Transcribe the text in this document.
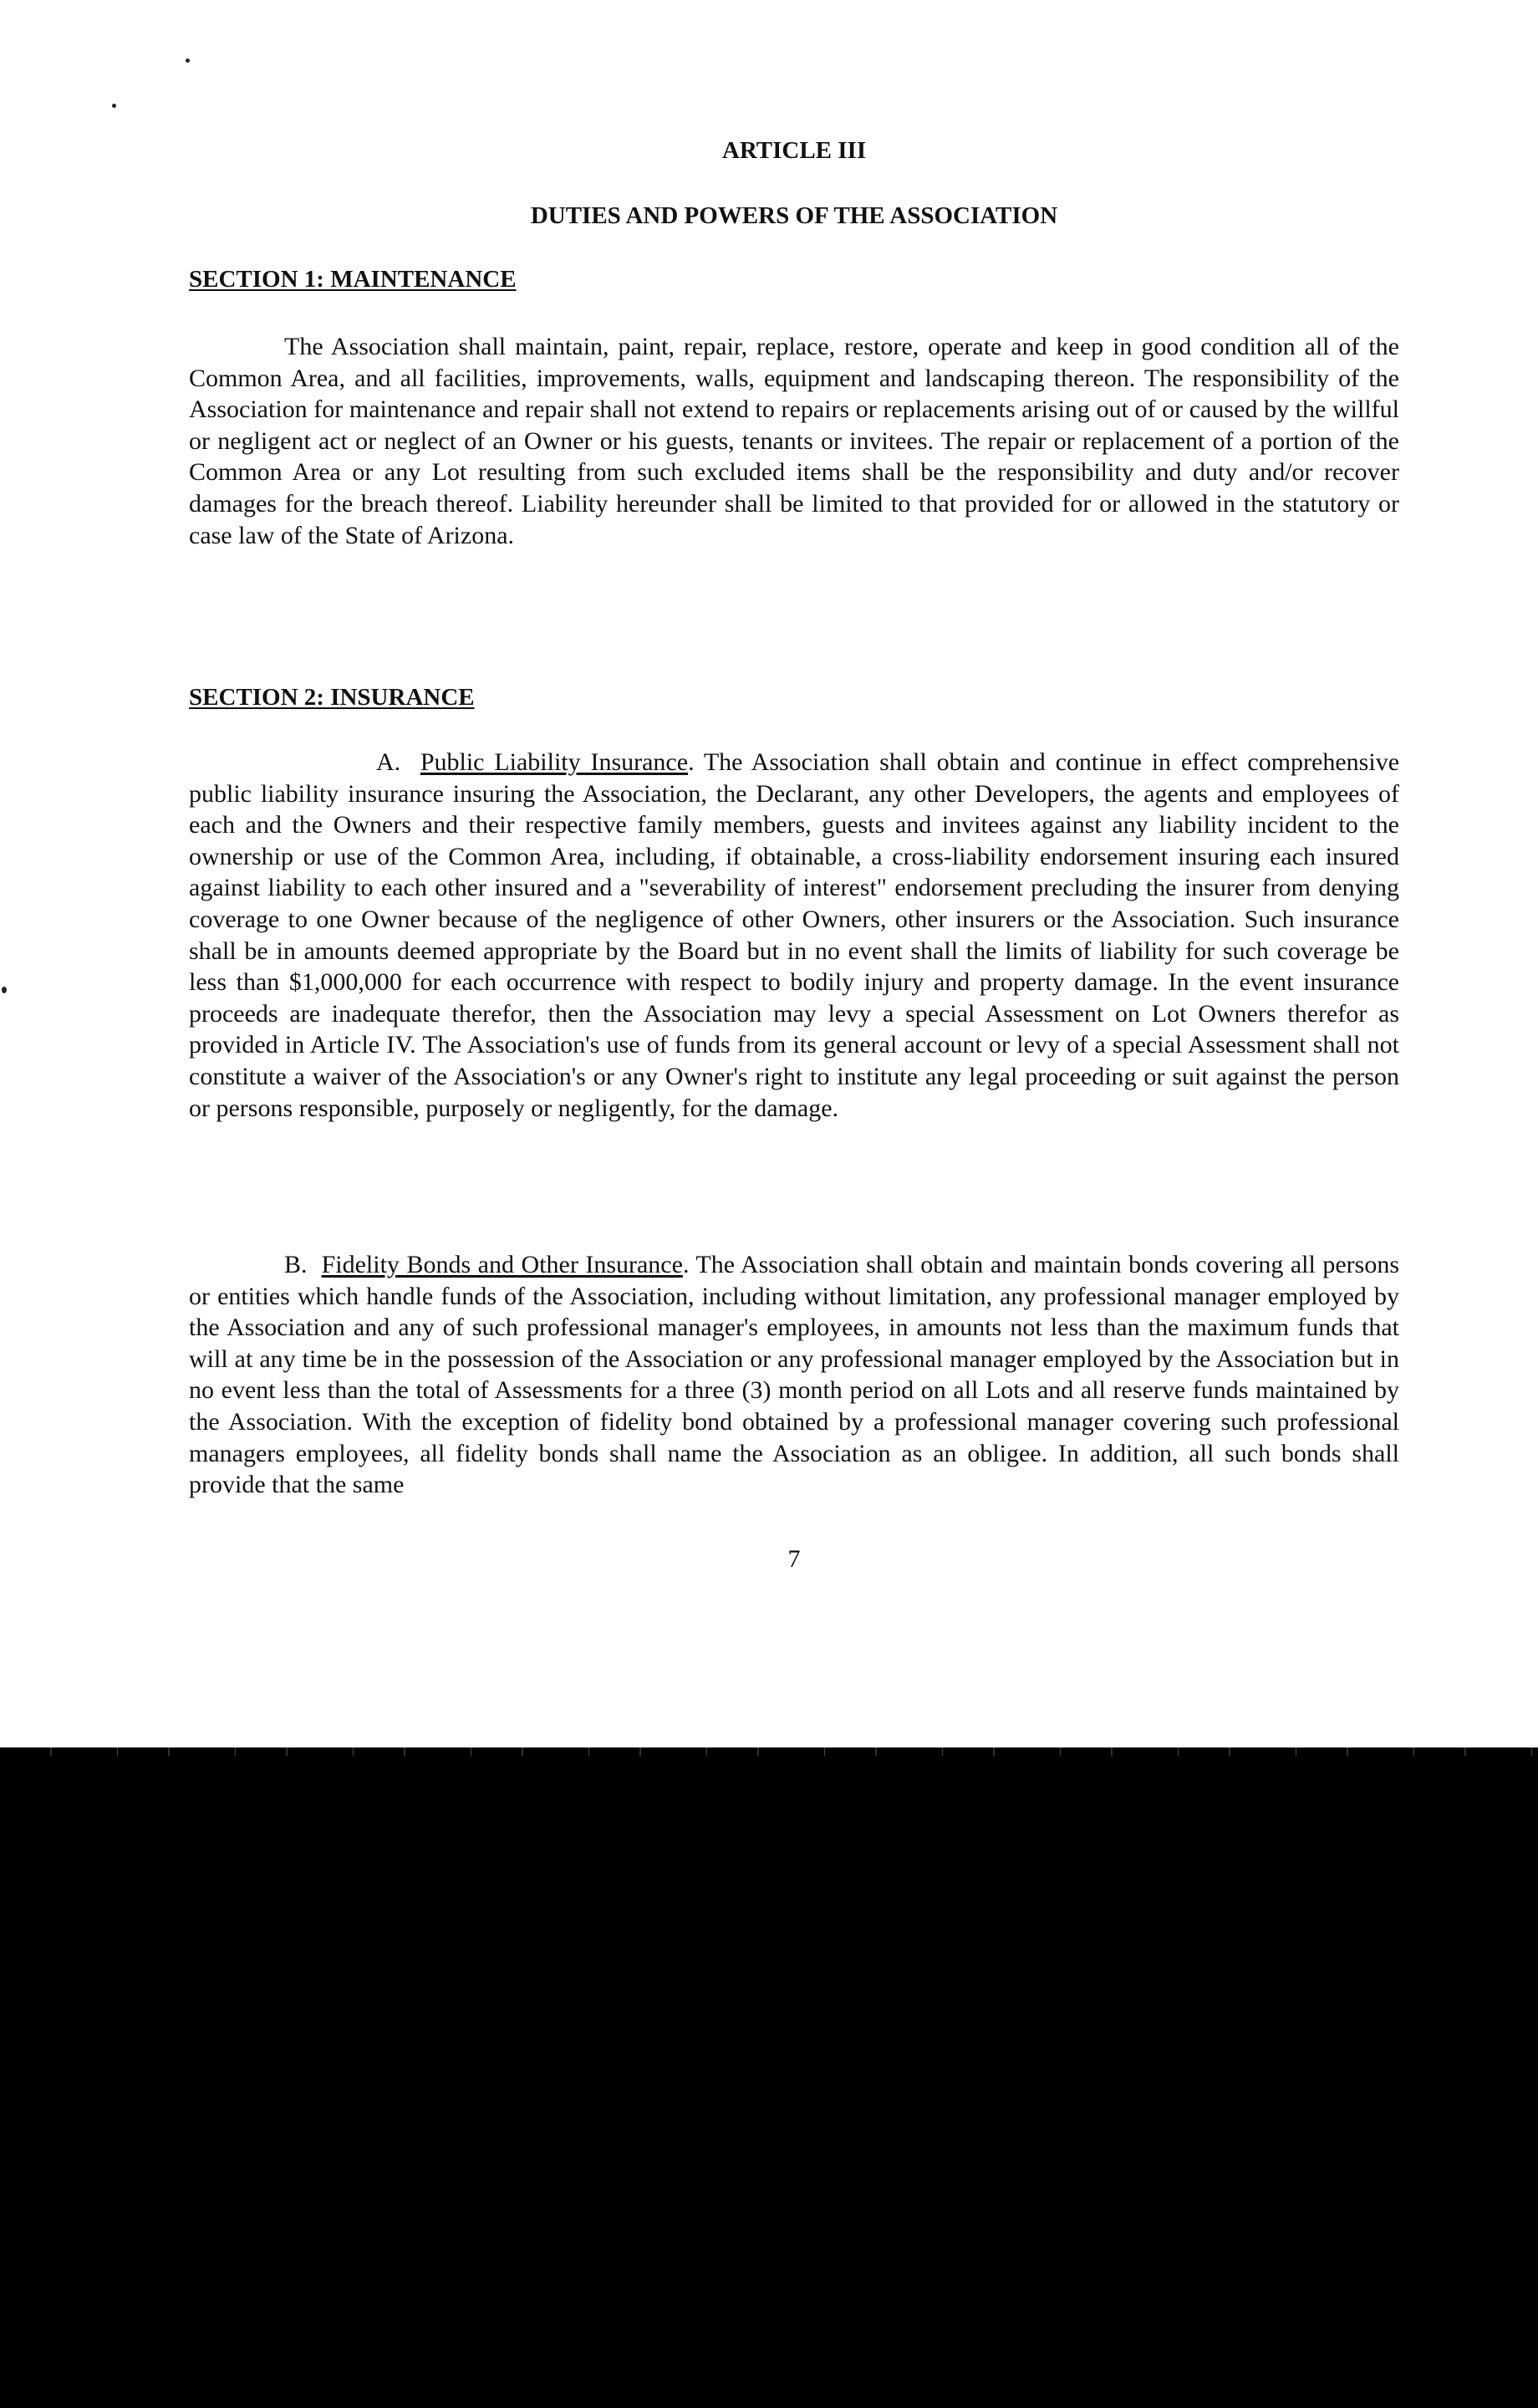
ARTICLE III
DUTIES AND POWERS OF THE ASSOCIATION
SECTION 1: MAINTENANCE
The Association shall maintain, paint, repair, replace, restore, operate and keep in good condition all of the Common Area, and all facilities, improvements, walls, equipment and landscaping thereon. The responsibility of the Association for maintenance and repair shall not extend to repairs or replacements arising out of or caused by the willful or negligent act or neglect of an Owner or his guests, tenants or invitees. The repair or replacement of a portion of the Common Area or any Lot resulting from such excluded items shall be the responsibility and duty and/or recover damages for the breach thereof. Liability hereunder shall be limited to that provided for or allowed in the statutory or case law of the State of Arizona.
SECTION 2: INSURANCE
A. Public Liability Insurance. The Association shall obtain and continue in effect comprehensive public liability insurance insuring the Association, the Declarant, any other Developers, the agents and employees of each and the Owners and their respective family members, guests and invitees against any liability incident to the ownership or use of the Common Area, including, if obtainable, a cross-liability endorsement insuring each insured against liability to each other insured and a "severability of interest" endorsement precluding the insurer from denying coverage to one Owner because of the negligence of other Owners, other insurers or the Association. Such insurance shall be in amounts deemed appropriate by the Board but in no event shall the limits of liability for such coverage be less than $1,000,000 for each occurrence with respect to bodily injury and property damage. In the event insurance proceeds are inadequate therefor, then the Association may levy a special Assessment on Lot Owners therefor as provided in Article IV. The Association's use of funds from its general account or levy of a special Assessment shall not constitute a waiver of the Association's or any Owner's right to institute any legal proceeding or suit against the person or persons responsible, purposely or negligently, for the damage.
B. Fidelity Bonds and Other Insurance. The Association shall obtain and maintain bonds covering all persons or entities which handle funds of the Association, including without limitation, any professional manager employed by the Association and any of such professional manager's employees, in amounts not less than the maximum funds that will at any time be in the possession of the Association or any professional manager employed by the Association but in no event less than the total of Assessments for a three (3) month period on all Lots and all reserve funds maintained by the Association. With the exception of fidelity bond obtained by a professional manager covering such professional managers employees, all fidelity bonds shall name the Association as an obligee. In addition, all such bonds shall provide that the same
7
